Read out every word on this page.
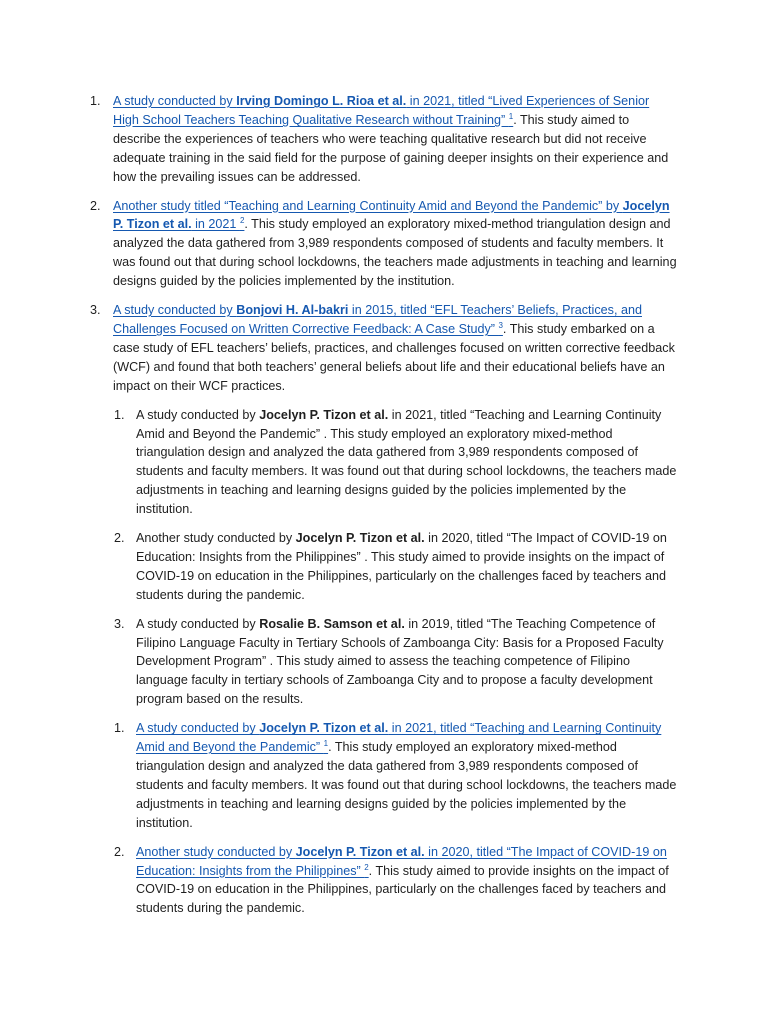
1. A study conducted by Irving Domingo L. Rioa et al. in 2021, titled “Lived Experiences of Senior High School Teachers Teaching Qualitative Research without Training” $^1$. This study aimed to describe the experiences of teachers who were teaching qualitative research but did not receive adequate training in the said field for the purpose of gaining deeper insights on their experience and how the prevailing issues can be addressed.
2. Another study titled “Teaching and Learning Continuity Amid and Beyond the Pandemic” by Jocelyn P. Tizon et al. in 2021 $^2$. This study employed an exploratory mixed-method triangulation design and analyzed the data gathered from 3,989 respondents composed of students and faculty members. It was found out that during school lockdowns, the teachers made adjustments in teaching and learning designs guided by the policies implemented by the institution.
3. A study conducted by Bonjovi H. Al-bakri in 2015, titled “EFL Teachers’ Beliefs, Practices, and Challenges Focused on Written Corrective Feedback: A Case Study” $^3$. This study embarked on a case study of EFL teachers’ beliefs, practices, and challenges focused on written corrective feedback (WCF) and found that both teachers’ general beliefs about life and their educational beliefs have an impact on their WCF practices.
1. A study conducted by Jocelyn P. Tizon et al. in 2021, titled “Teaching and Learning Continuity Amid and Beyond the Pandemic” . This study employed an exploratory mixed-method triangulation design and analyzed the data gathered from 3,989 respondents composed of students and faculty members. It was found out that during school lockdowns, the teachers made adjustments in teaching and learning designs guided by the policies implemented by the institution.
2. Another study conducted by Jocelyn P. Tizon et al. in 2020, titled “The Impact of COVID-19 on Education: Insights from the Philippines” . This study aimed to provide insights on the impact of COVID-19 on education in the Philippines, particularly on the challenges faced by teachers and students during the pandemic.
3. A study conducted by Rosalie B. Samson et al. in 2019, titled “The Teaching Competence of Filipino Language Faculty in Tertiary Schools of Zamboanga City: Basis for a Proposed Faculty Development Program” . This study aimed to assess the teaching competence of Filipino language faculty in tertiary schools of Zamboanga City and to propose a faculty development program based on the results.
1. A study conducted by Jocelyn P. Tizon et al. in 2021, titled “Teaching and Learning Continuity Amid and Beyond the Pandemic” $^1$. This study employed an exploratory mixed-method triangulation design and analyzed the data gathered from 3,989 respondents composed of students and faculty members. It was found out that during school lockdowns, the teachers made adjustments in teaching and learning designs guided by the policies implemented by the institution.
2. Another study conducted by Jocelyn P. Tizon et al. in 2020, titled “The Impact of COVID-19 on Education: Insights from the Philippines” $^2$. This study aimed to provide insights on the impact of COVID-19 on education in the Philippines, particularly on the challenges faced by teachers and students during the pandemic.
